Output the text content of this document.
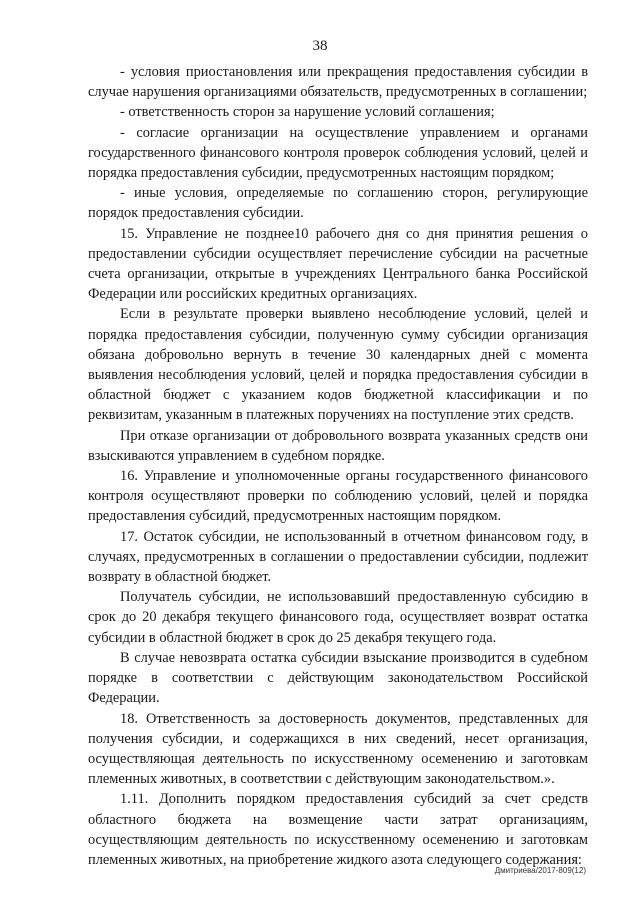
38

- условия приостановления или прекращения предоставления субсидии в случае нарушения организациями обязательств, предусмотренных в соглашении;

- ответственность сторон за нарушение условий соглашения;

- согласие организации на осуществление управлением и органами государственного финансового контроля проверок соблюдения условий, целей и порядка предоставления субсидии, предусмотренных настоящим порядком;

- иные условия, определяемые по соглашению сторон, регулирующие порядок предоставления субсидии.

15. Управление не позднее10 рабочего дня со дня принятия решения о предоставлении субсидии осуществляет перечисление субсидии на расчетные счета организации, открытые в учреждениях Центрального банка Российской Федерации или российских кредитных организациях.

Если в результате проверки выявлено несоблюдение условий, целей и порядка предоставления субсидии, полученную сумму субсидии организация обязана добровольно вернуть в течение 30 календарных дней с момента выявления несоблюдения условий, целей и порядка предоставления субсидии в областной бюджет с указанием кодов бюджетной классификации и по реквизитам, указанным в платежных поручениях на поступление этих средств.

При отказе организации от добровольного возврата указанных средств они взыскиваются управлением в судебном порядке.

16. Управление и уполномоченные органы государственного финансового контроля осуществляют проверки по соблюдению условий, целей и порядка предоставления субсидий, предусмотренных настоящим порядком.

17. Остаток субсидии, не использованный в отчетном финансовом году, в случаях, предусмотренных в соглашении о предоставлении субсидии, подлежит возврату в областной бюджет.

Получатель субсидии, не использовавший предоставленную субсидию в срок до 20 декабря текущего финансового года, осуществляет возврат остатка субсидии в областной бюджет в срок до 25 декабря текущего года.

В случае невозврата остатка субсидии взыскание производится в судебном порядке в соответствии с действующим законодательством Российской Федерации.

18. Ответственность за достоверность документов, представленных для получения субсидии, и содержащихся в них сведений, несет организация, осуществляющая деятельность по искусственному осеменению и заготовкам племенных животных, в соответствии с действующим законодательством.».

1.11. Дополнить порядком предоставления субсидий за счет средств областного бюджета на возмещение части затрат организациям, осуществляющим деятельность по искусственному осеменению и заготовкам племенных животных, на приобретение жидкого азота следующего содержания:

Дмитриева/2017-809(12)
